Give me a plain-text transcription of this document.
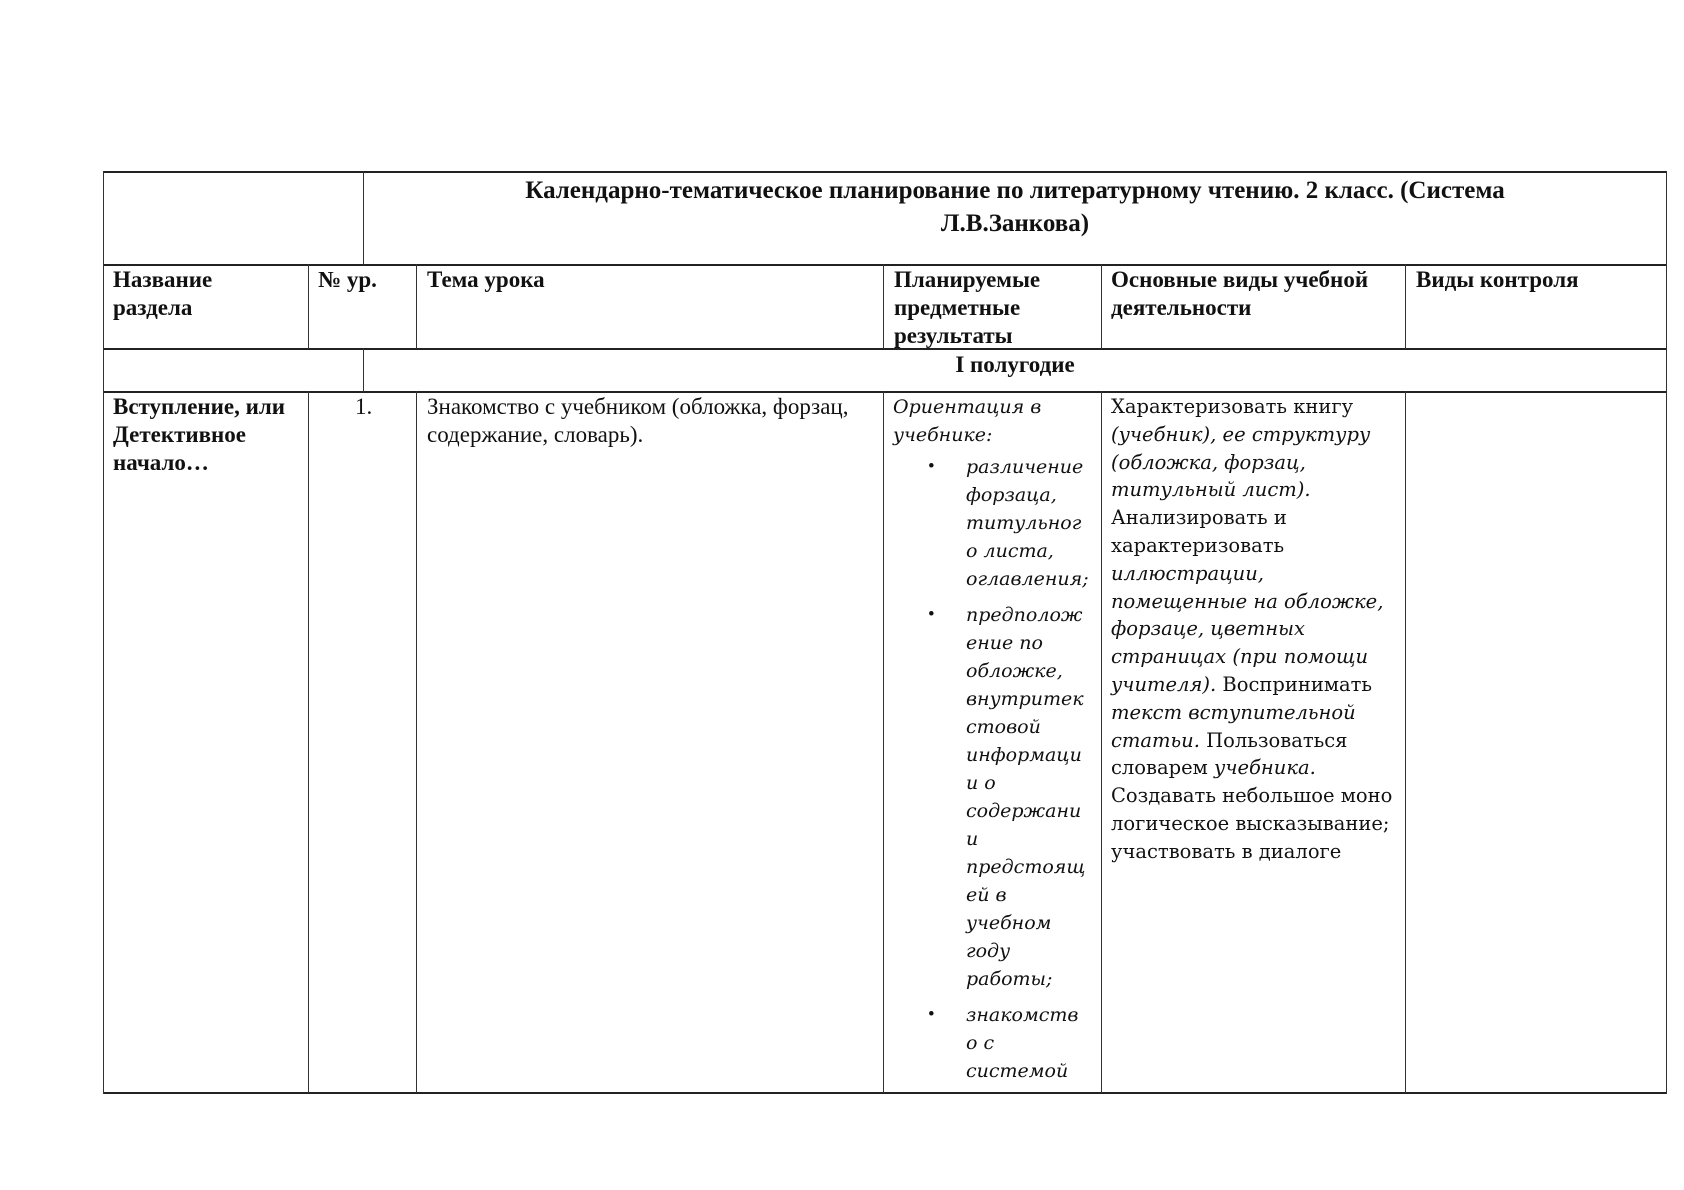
Календарно-тематическое планирование по литературному чтению. 2 класс. (Система
Л.В.Занкова)
Название
раздела
№ ур. Тема урока	Планируемые
предметные
результаты
Основные виды учебной
деятельности
Виды контроля
I полугодие
Вступление, или
Детективное
начало…
1. Знакомство с учебником (обложка, форзац,
содержание, словарь).
Ориентация в
учебнике:
• различение
форзаца,
титульног
о листа,
оглавления;
• предполож
ение по
обложке,
внутритек
стовой
информаци
и о
содержани
и
предстоящ
ей в
учебном
году
работы;
• знакомств
о с
системой
Характеризовать книгу
(учебник), ее структуру
(обложка, форзац,
титульный лист).
Анализировать и
характеризовать
иллюстрации,
помещенные на обложке,
форзаце, цветных
страницах (при помощи
учителя). Воспринимать
текст вступительной
статьи. Пользоваться
словарем учебника.
Создавать небольшое моно
логическое высказывание;
участвовать в диалоге
